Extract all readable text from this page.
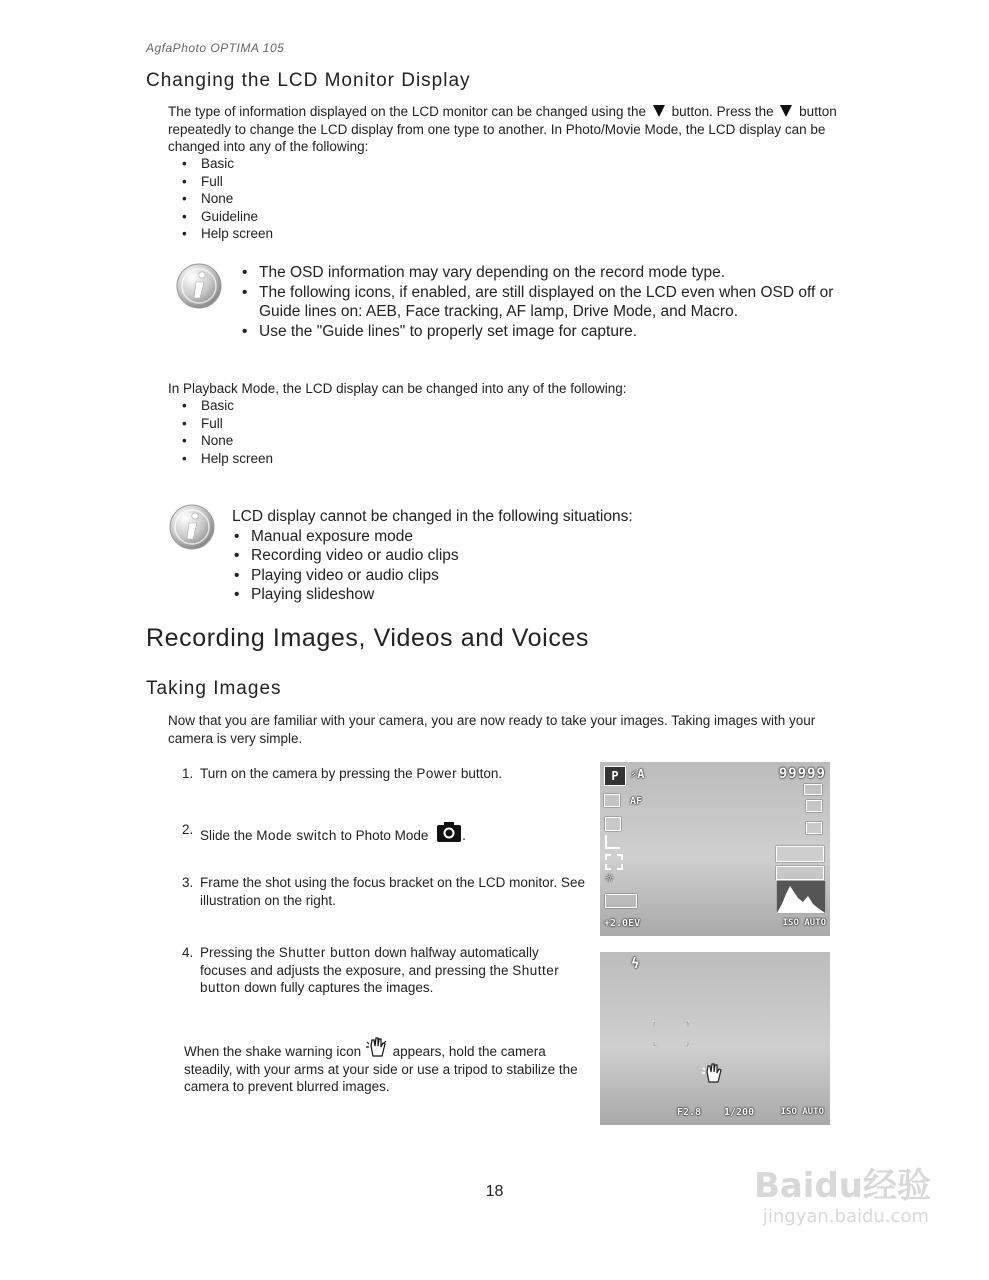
AgfaPhoto OPTIMA 105
Changing the LCD Monitor Display

The type of information displayed on the LCD monitor can be changed using the button. Press the button repeatedly to change the LCD display from one type to another. In Photo/Movie Mode, the LCD display can be changed into any of the following:

• Basic
• Full
• None
• Guideline
• Help screen
• The OSD information may vary depending on the record mode type.
• The following icons, if enabled, are still displayed on the LCD even when OSD off or Guide lines on: AEB, Face tracking, AF lamp, Drive Mode, and Macro.
• Use the "Guide lines" to properly set image for capture.
In Playback Mode, the LCD display can be changed into any of the following:
• Basic
• Full
• None
• Help screen
LCD display cannot be changed in the following situations:
• Manual exposure mode
• Recording video or audio clips
• Playing video or audio clips
• Playing slideshow
Recording Images, Videos and Voices
Taking Images
Now that you are familiar with your camera, you are now ready to take your images. Taking images with your camera is very simple.
1. Turn on the camera by pressing the Power button.
2. Slide the Mode switch to Photo Mode	.
3. Frame the shot using the focus bracket on the LCD monitor. See illustration on the right.
4. Pressing the Shutter button down halfway automatically focuses and adjusts the exposure, and pressing the Shutter button down fully captures the images.
When the shake warning icon appears, hold the camera steadily, with your arms at your side or use a tripod to stabilize the camera to prevent blurred images.
P ⚡A	99999
AF
☼
+2.0EV	ISO AUTO
ϟ
F2.8 1/200	ISO AUTO
18	Baidu经验
jingyan.baidu.com
